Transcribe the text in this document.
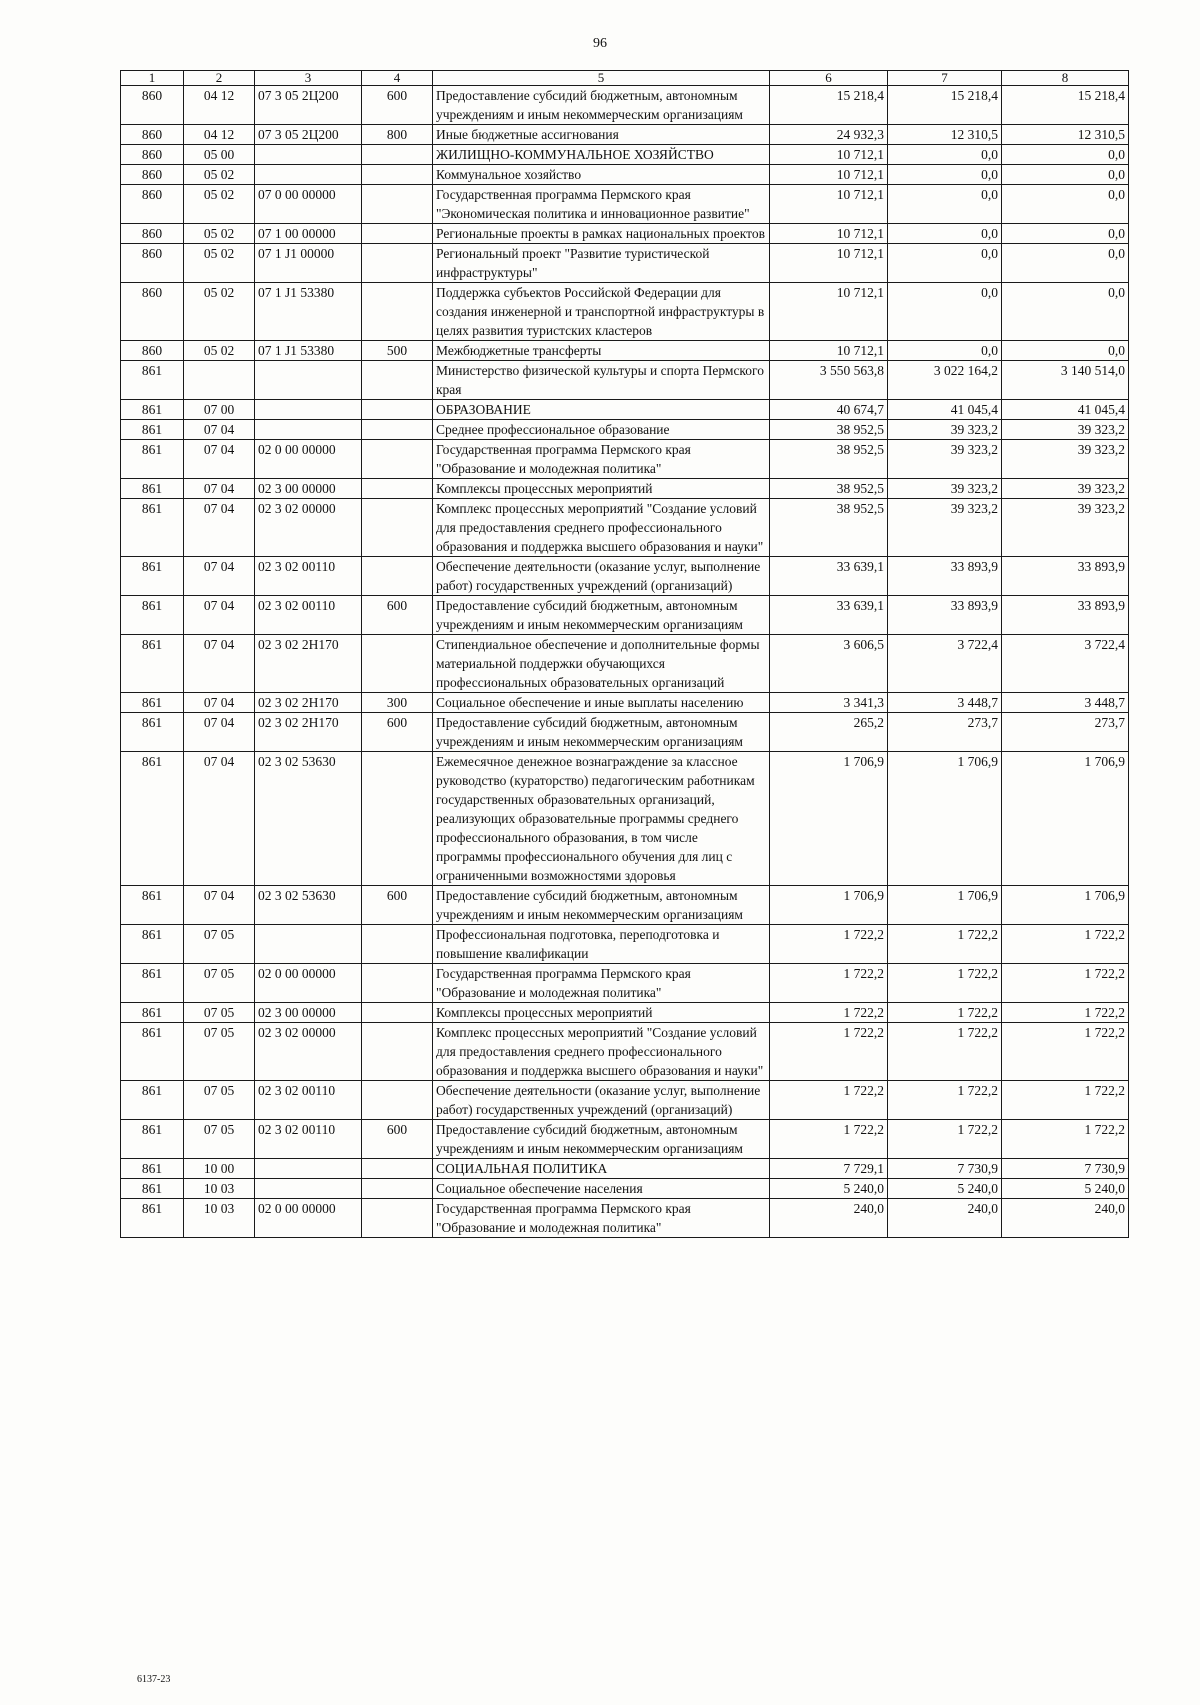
96
1	2	3	4	5	6	7	8
860	04 12	07 3 05 2Ц200	600	Предоставление субсидий бюджетным, автономным учреждениям и иным некоммерческим организациям	15 218,4	15 218,4	15 218,4
860	04 12	07 3 05 2Ц200	800	Иные бюджетные ассигнования	24 932,3	12 310,5	12 310,5
860	05 00			ЖИЛИЩНО-КОММУНАЛЬНОЕ ХОЗЯЙСТВО	10 712,1	0,0	0,0
860	05 02			Коммунальное хозяйство	10 712,1	0,0	0,0
860	05 02	07 0 00 00000		Государственная программа Пермского края "Экономическая политика и инновационное развитие"	10 712,1	0,0	0,0
860	05 02	07 1 00 00000		Региональные проекты в рамках национальных проектов	10 712,1	0,0	0,0
860	05 02	07 1 J1 00000		Региональный проект "Развитие туристической инфраструктуры"	10 712,1	0,0	0,0
860	05 02	07 1 J1 53380		Поддержка субъектов Российской Федерации для создания инженерной и транспортной инфраструктуры в целях развития туристских кластеров	10 712,1	0,0	0,0
860	05 02	07 1 J1 53380	500	Межбюджетные трансферты	10 712,1	0,0	0,0
861				Министерство физической культуры и спорта Пермского края	3 550 563,8	3 022 164,2	3 140 514,0
861	07 00			ОБРАЗОВАНИЕ	40 674,7	41 045,4	41 045,4
861	07 04			Среднее профессиональное образование	38 952,5	39 323,2	39 323,2
861	07 04	02 0 00 00000		Государственная программа Пермского края "Образование и молодежная политика"	38 952,5	39 323,2	39 323,2
861	07 04	02 3 00 00000		Комплексы процессных мероприятий	38 952,5	39 323,2	39 323,2
861	07 04	02 3 02 00000		Комплекс процессных мероприятий "Создание условий для предоставления среднего профессионального образования и поддержка высшего образования и науки"	38 952,5	39 323,2	39 323,2
861	07 04	02 3 02 00110		Обеспечение деятельности (оказание услуг, выполнение работ) государственных учреждений (организаций)	33 639,1	33 893,9	33 893,9
861	07 04	02 3 02 00110	600	Предоставление субсидий бюджетным, автономным учреждениям и иным некоммерческим организациям	33 639,1	33 893,9	33 893,9
861	07 04	02 3 02 2Н170		Стипендиальное обеспечение и дополнительные формы материальной поддержки обучающихся профессиональных образовательных организаций	3 606,5	3 722,4	3 722,4
861	07 04	02 3 02 2Н170	300	Социальное обеспечение и иные выплаты населению	3 341,3	3 448,7	3 448,7
861	07 04	02 3 02 2Н170	600	Предоставление субсидий бюджетным, автономным учреждениям и иным некоммерческим организациям	265,2	273,7	273,7
861	07 04	02 3 02 53630		Ежемесячное денежное вознаграждение за классное руководство (кураторство) педагогическим работникам государственных образовательных организаций, реализующих образовательные программы среднего профессионального образования, в том числе программы профессионального обучения для лиц с ограниченными возможностями здоровья	1 706,9	1 706,9	1 706,9
861	07 04	02 3 02 53630	600	Предоставление субсидий бюджетным, автономным учреждениям и иным некоммерческим организациям	1 706,9	1 706,9	1 706,9
861	07 05			Профессиональная подготовка, переподготовка и повышение квалификации	1 722,2	1 722,2	1 722,2
861	07 05	02 0 00 00000		Государственная программа Пермского края "Образование и молодежная политика"	1 722,2	1 722,2	1 722,2
861	07 05	02 3 00 00000		Комплексы процессных мероприятий	1 722,2	1 722,2	1 722,2
861	07 05	02 3 02 00000		Комплекс процессных мероприятий "Создание условий для предоставления среднего профессионального образования и поддержка высшего образования и науки"	1 722,2	1 722,2	1 722,2
861	07 05	02 3 02 00110		Обеспечение деятельности (оказание услуг, выполнение работ) государственных учреждений (организаций)	1 722,2	1 722,2	1 722,2
861	07 05	02 3 02 00110	600	Предоставление субсидий бюджетным, автономным учреждениям и иным некоммерческим организациям	1 722,2	1 722,2	1 722,2
861	10 00			СОЦИАЛЬНАЯ ПОЛИТИКА	7 729,1	7 730,9	7 730,9
861	10 03			Социальное обеспечение населения	5 240,0	5 240,0	5 240,0
861	10 03	02 0 00 00000		Государственная программа Пермского края "Образование и молодежная политика"	240,0	240,0	240,0
6137-23
